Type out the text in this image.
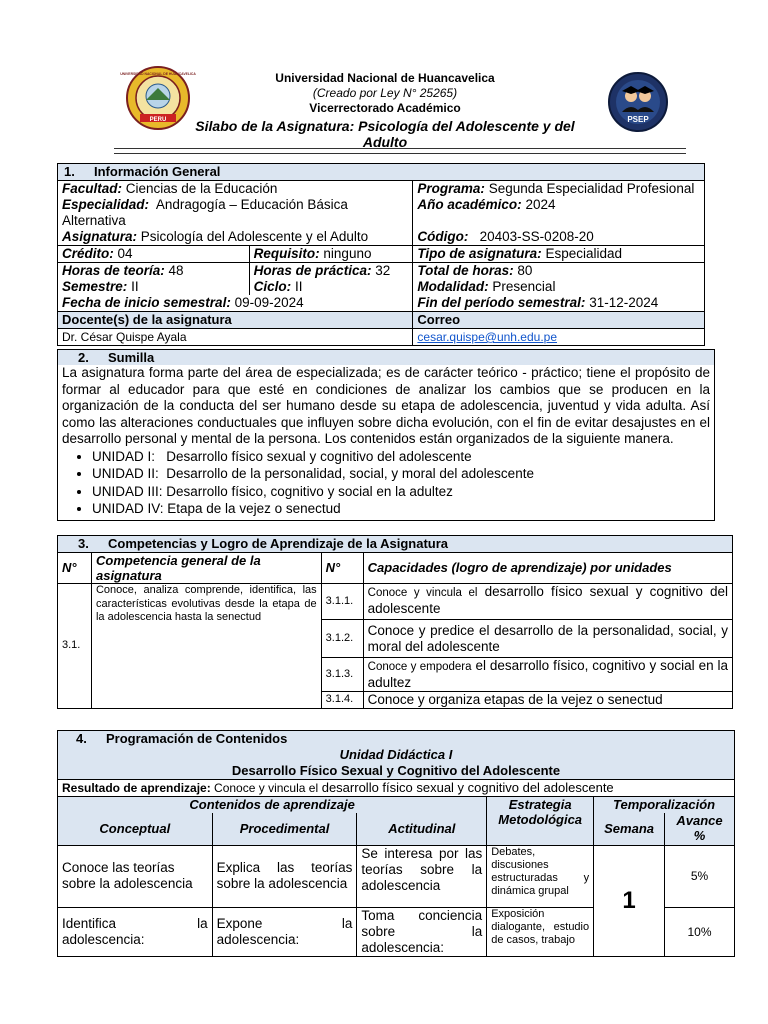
PERU
UNIVERSIDAD NACIONAL DE HUANCAVELICA
PSEP
Universidad Nacional de Huancavelica
(Creado por Ley N° 25265)
Vicerrectorado Académico
Silabo de la Asignatura: Psicología del Adolescente y del Adulto
1. Información General		
Facultad: Ciencias de la Educación		Programa: Segunda Especialidad Profesional
Especialidad: Andragogía – Educación Básica Alternativa		Año académico: 2024
Asignatura: Psicología del Adolescente y el Adulto		Código: 20403-SS-0208-20
Crédito: 04	Requisito: ninguno	Tipo de asignatura: Especialidad
Horas de teoría: 48	Horas de práctica: 32	Total de horas: 80
Semestre: II	Ciclo: II	Modalidad: Presencial
Fecha de inicio semestral: 09-09-2024		Fin del período semestral: 31-12-2024
Docente(s) de la asignatura		Correo
Dr. César Quispe Ayala		cesar.quispe@unh.edu.pe
2. Sumilla
La asignatura forma parte del área de especializada; es de carácter teórico - práctico; tiene el propósito de formar al educador para que esté en condiciones de analizar los cambios que se producen en la organización de la conducta del ser humano desde su etapa de adolescencia, juventud y vida adulta. Así como las alteraciones conductuales que influyen sobre dicha evolución, con el fin de evitar desajustes en el desarrollo personal y mental de la persona. Los contenidos están organizados de la siguiente manera.
• UNIDAD I:   Desarrollo físico sexual y cognitivo del adolescente
• UNIDAD II:  Desarrollo de la personalidad, social, y moral del adolescente
• UNIDAD III: Desarrollo físico, cognitivo y social en la adultez
• UNIDAD IV: Etapa de la vejez o senectud
3. Competencias y Logro de Aprendizaje de la Asignatura			
N°	Competencia general de la asignatura	N°	Capacidades (logro de aprendizaje) por unidades
3.1.	Conoce, analiza comprende, identifica, las características evolutivas desde la etapa de la adolescencia hasta la senectud	3.1.1.	Conoce y vincula el desarrollo físico sexual y cognitivo del adolescente
		3.1.2.	Conoce y predice el desarrollo de la personalidad, social, y moral del adolescente
		3.1.3.	Conoce y empodera el desarrollo físico, cognitivo y social en la adultez
		3.1.4.	Conoce y organiza etapas de la vejez o senectud
4. Programación de Contenidos					
Unidad Didáctica I					
Desarrollo Físico Sexual y Cognitivo del Adolescente					
Resultado de aprendizaje: Conoce y vincula el desarrollo físico sexual y cognitivo del adolescente					
Contenidos de aprendizaje			Estrategia Metodológica	Temporalización	
Conceptual	Procedimental	Actitudinal		Semana	Avance %
Conoce las teorías sobre la adolescencia	Explica las teorías sobre la adolescencia	Se interesa por las teorías sobre la adolescencia	Debates, discusiones estructuradas y dinámica grupal	1	5%
Identifica la adolescencia:	Expone la adolescencia:	Toma conciencia sobre la adolescencia:	Exposición dialogante, estudio de casos, trabajo		10%
